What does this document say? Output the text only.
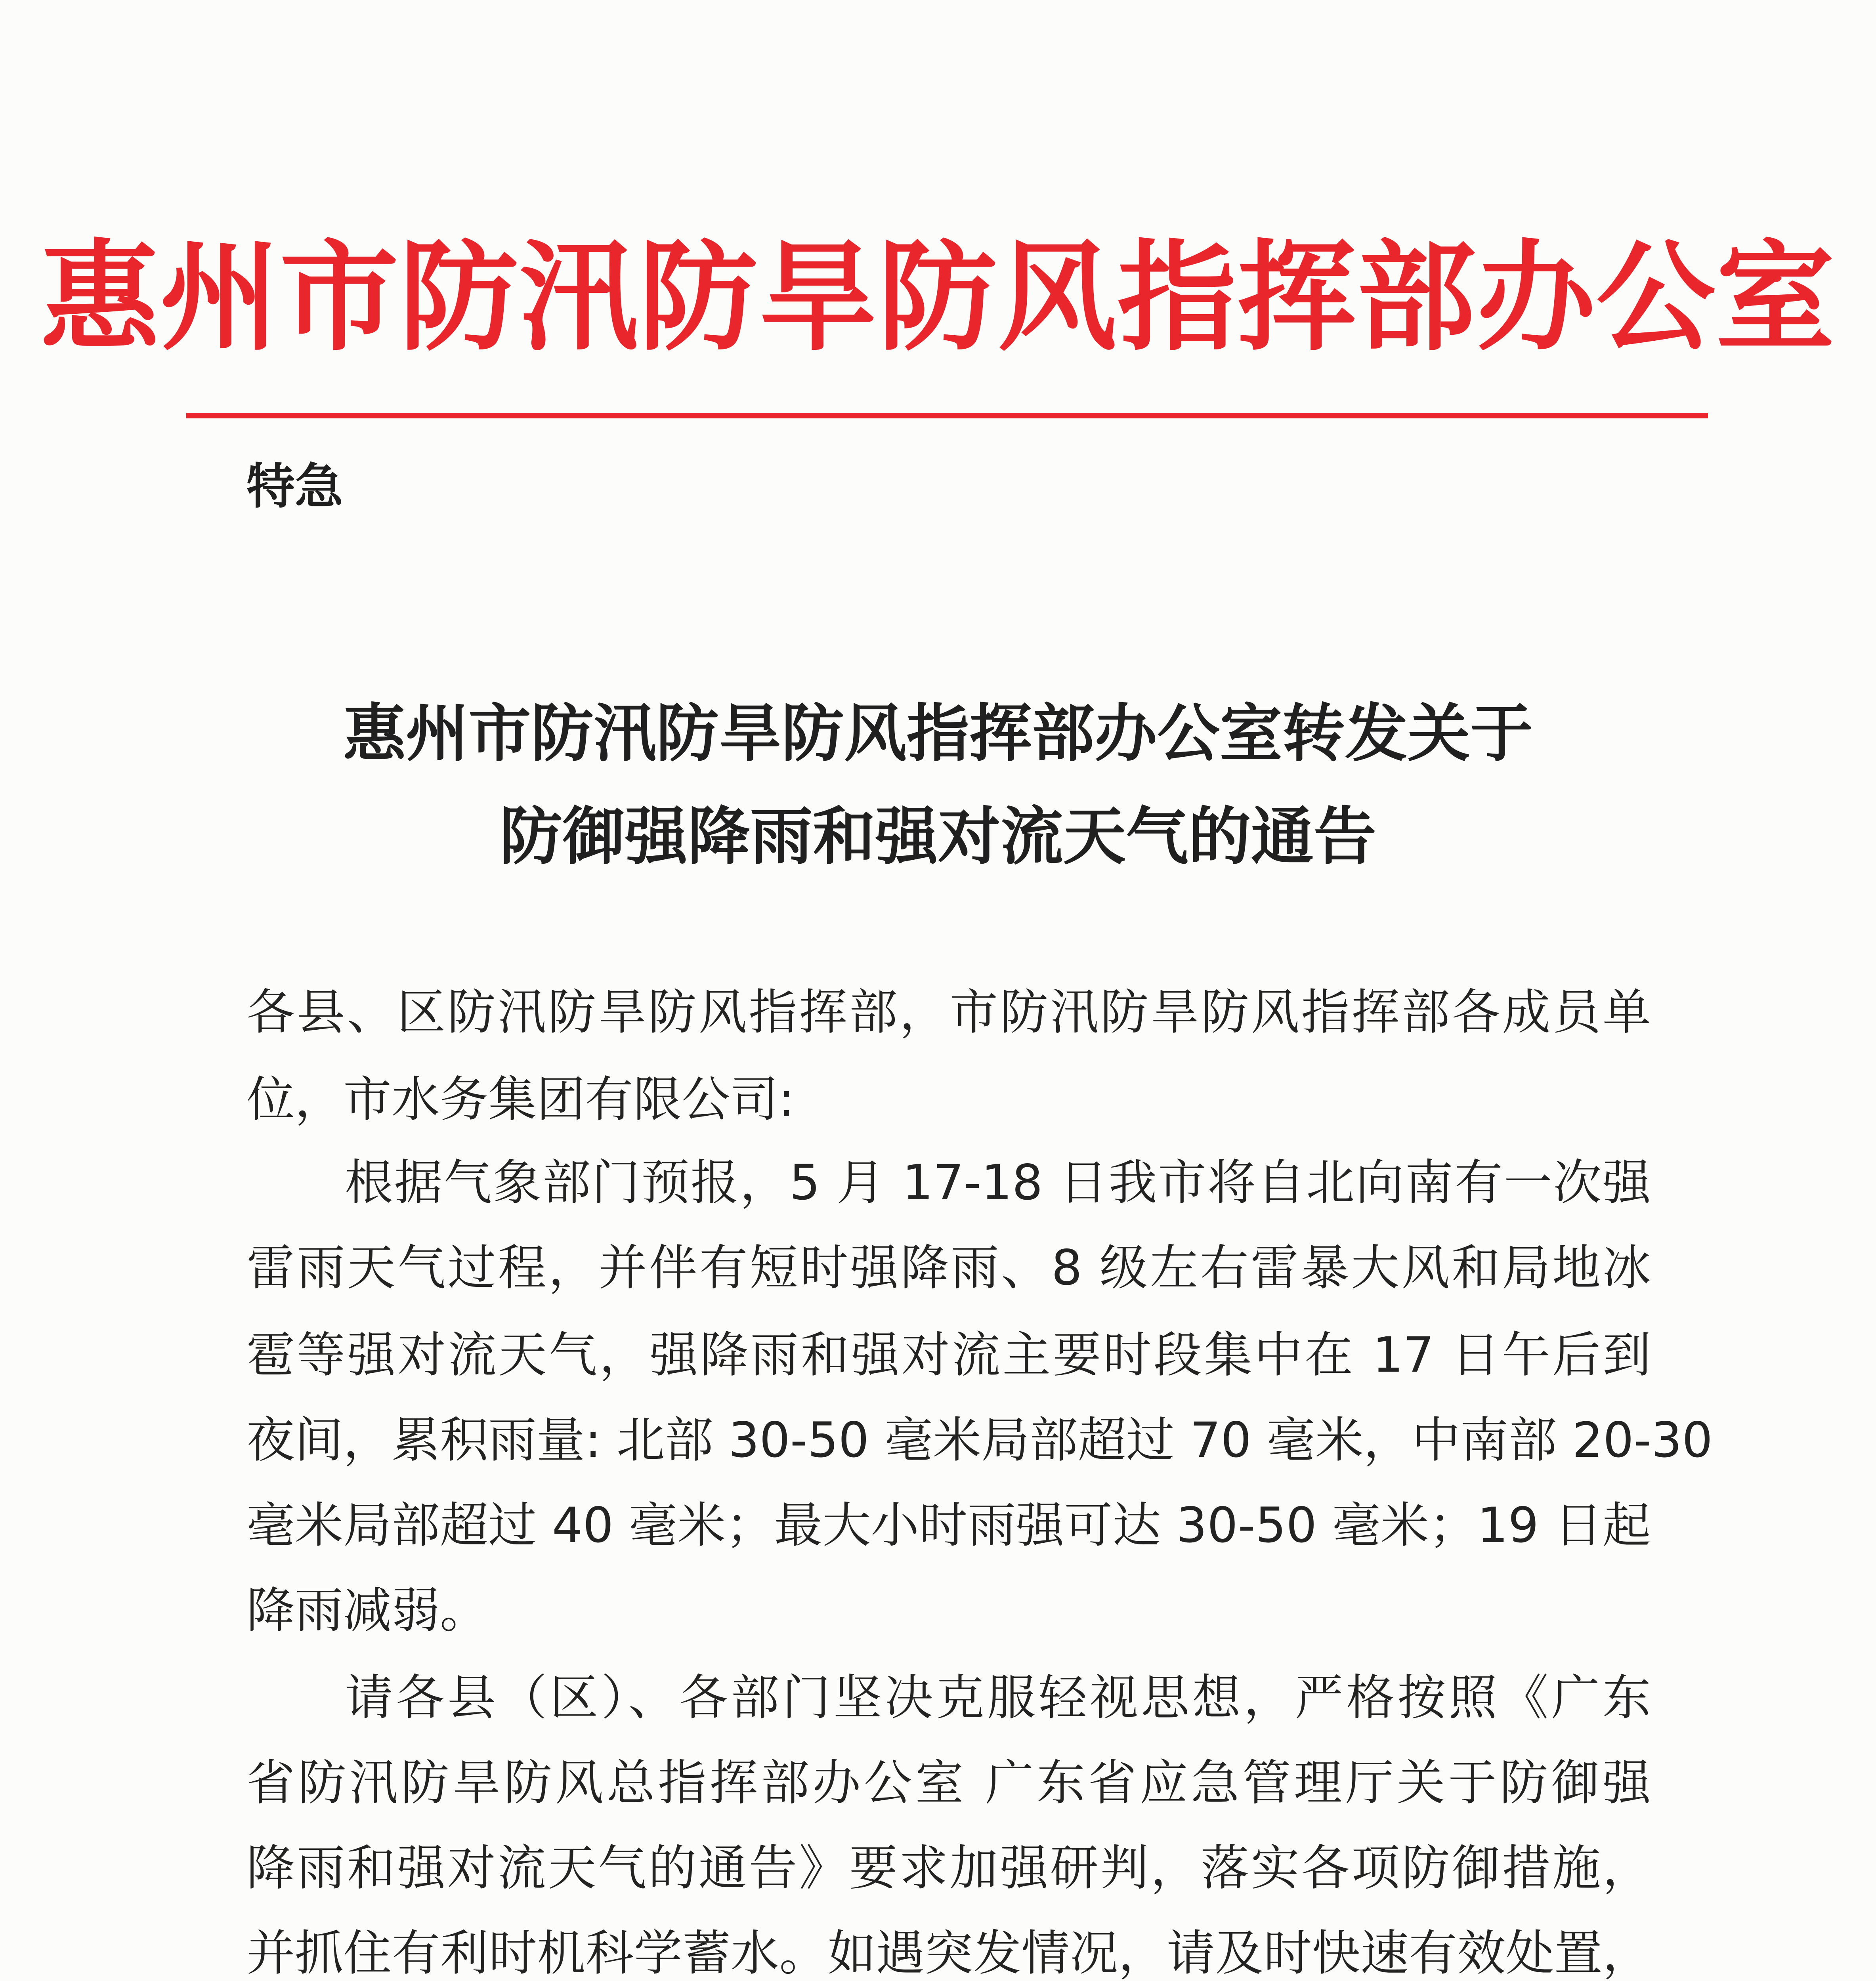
惠州市防汛防旱防风指挥部办公室
特急
惠州市防汛防旱防风指挥部办公室转发关于
防御强降雨和强对流天气的通告
各县、区防汛防旱防风指挥部，市防汛防旱防风指挥部各成员单
位，市水务集团有限公司:
根据气象部门预报，5 月 17-18 日我市将自北向南有一次强
雷雨天气过程，并伴有短时强降雨、8 级左右雷暴大风和局地冰
雹等强对流天气，强降雨和强对流主要时段集中在 17 日午后到
夜间，累积雨量: 北部 30-50 毫米局部超过 70 毫米，中南部 20-30
毫米局部超过 40 毫米；最大小时雨强可达 30-50 毫米；19 日起
降雨减弱。
请各县（区）、各部门坚决克服轻视思想，严格按照《广东
省防汛防旱防风总指挥部办公室 广东省应急管理厅关于防御强
降雨和强对流天气的通告》要求加强研判，落实各项防御措施，
并抓住有利时机科学蓄水。如遇突发情况，请及时快速有效处置，
